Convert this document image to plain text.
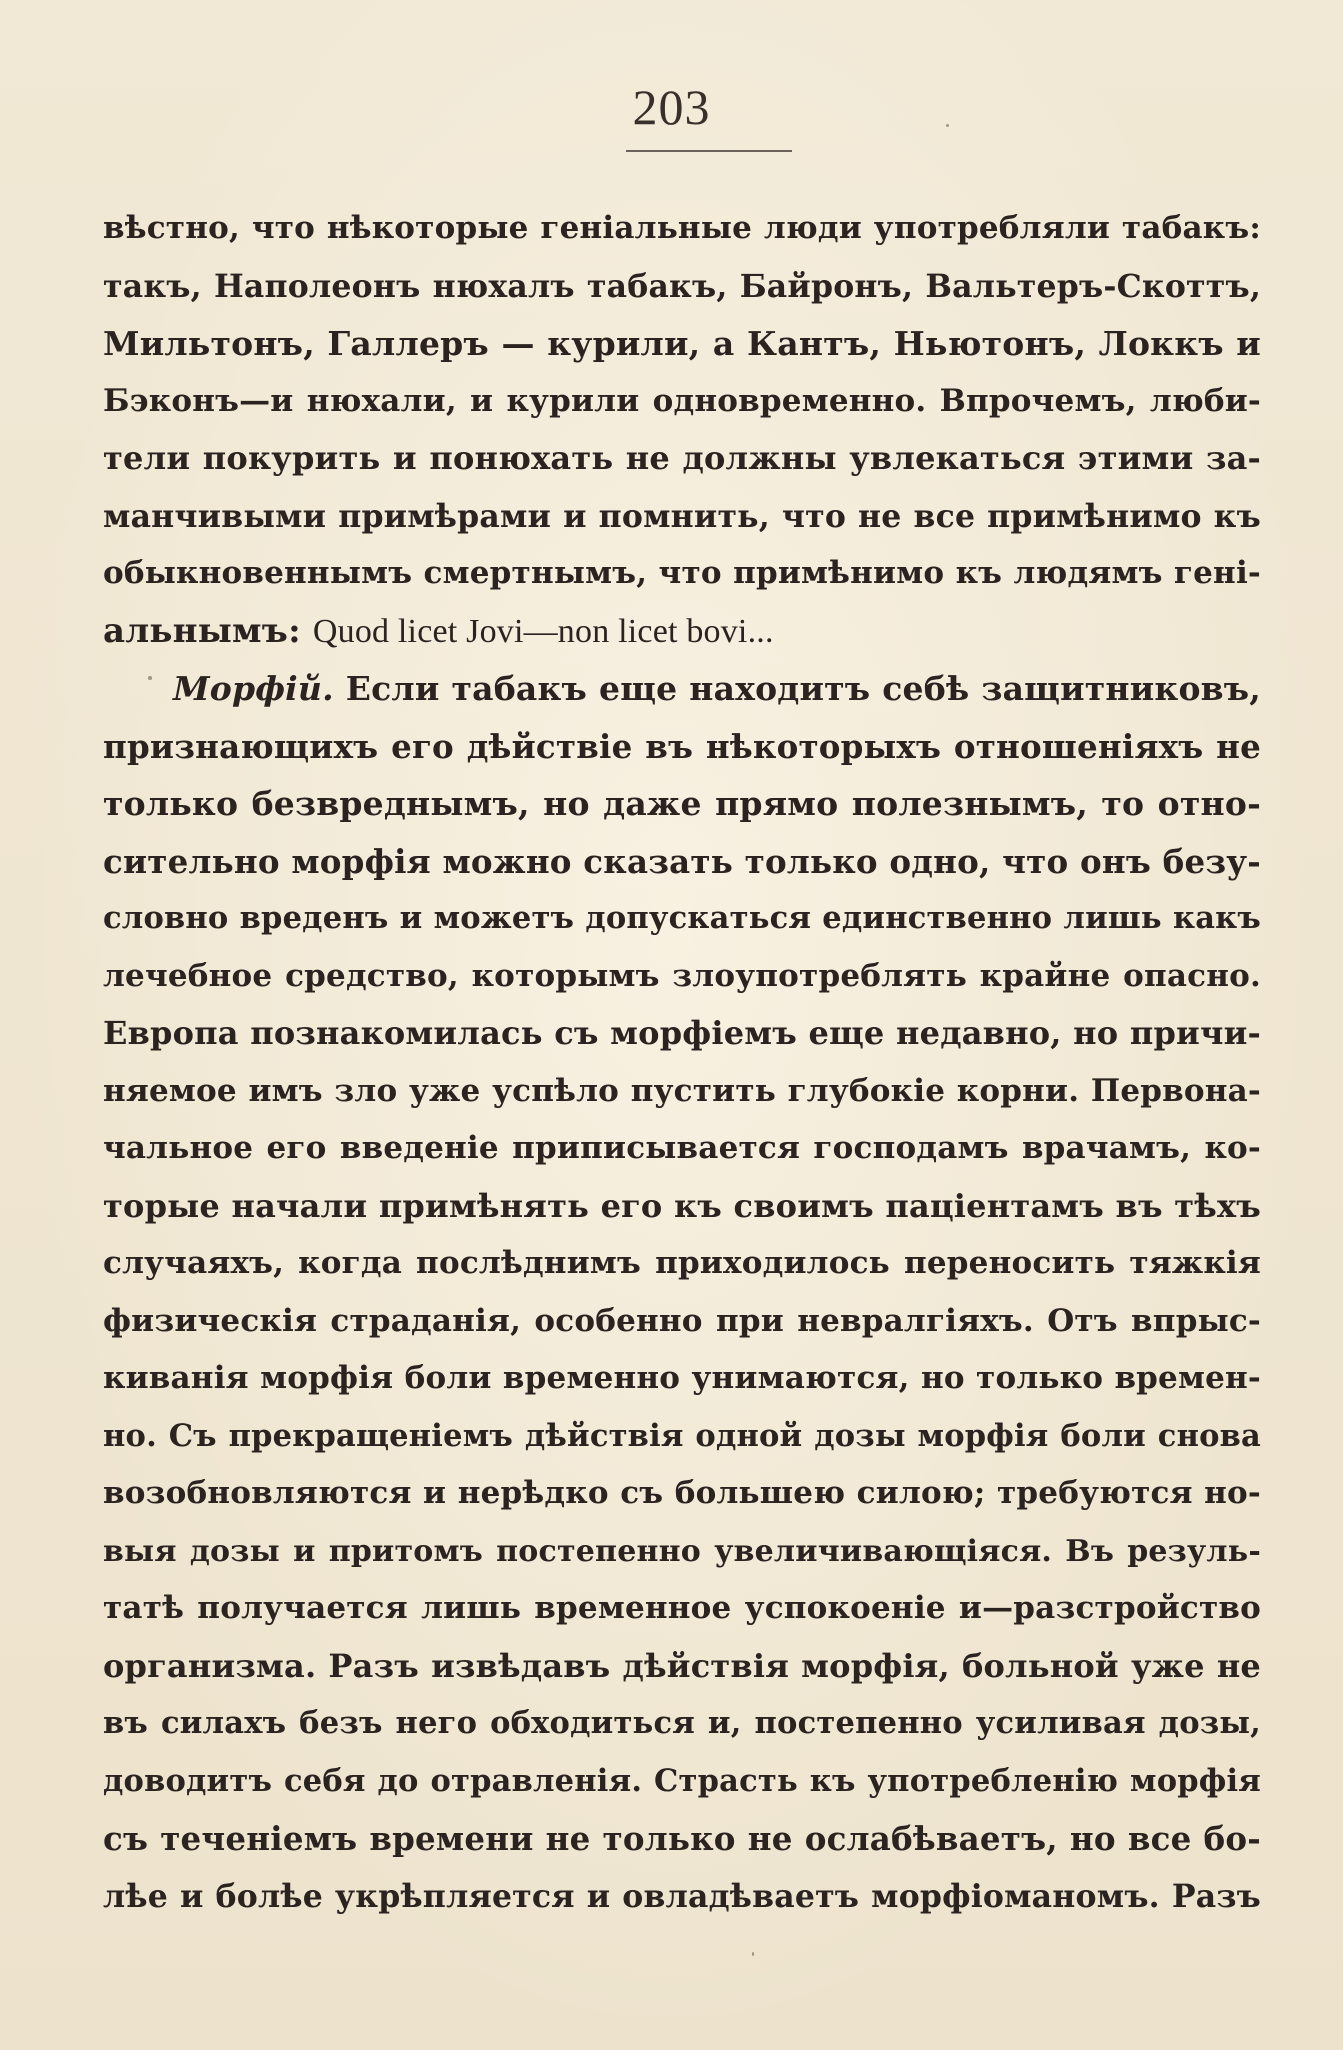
203
вѣстно, что нѣкоторые геніальные люди употребляли табакъ:
такъ, Наполеонъ нюхалъ табакъ, Байронъ, Вальтеръ-Скоттъ,
Мильтонъ, Галлеръ — курили, а Кантъ, Ньютонъ, Локкъ и
Бэконъ—и нюхали, и курили одновременно. Впрочемъ, люби-
тели покурить и понюхать не должны увлекаться этими за-
манчивыми примѣрами и помнить, что не все примѣнимо къ
обыкновеннымъ смертнымъ, что примѣнимо къ людямъ гені-
альнымъ: Quod licet Jovi—non licet bovi...
Морфій. Если табакъ еще находитъ себѣ защитниковъ,
признающихъ его дѣйствіе въ нѣкоторыхъ отношеніяхъ не
только безвреднымъ, но даже прямо полезнымъ, то отно-
сительно морфія можно сказать только одно, что онъ безу-
словно вреденъ и можетъ допускаться единственно лишь какъ
лечебное средство, которымъ злоупотреблять крайне опасно.
Европа познакомилась съ морфіемъ еще недавно, но причи-
няемое имъ зло уже успѣло пустить глубокіе корни. Первона-
чальное его введеніе приписывается господамъ врачамъ, ко-
торые начали примѣнять его къ своимъ паціентамъ въ тѣхъ
случаяхъ, когда послѣднимъ приходилось переносить тяжкія
физическія страданія, особенно при невралгіяхъ. Отъ впрыс-
киванія морфія боли временно унимаются, но только времен-
но. Съ прекращеніемъ дѣйствія одной дозы морфія боли снова
возобновляются и нерѣдко съ большею силою; требуются но-
выя дозы и притомъ постепенно увеличивающіяся. Въ резуль-
татѣ получается лишь временное успокоеніе и—разстройство
организма. Разъ извѣдавъ дѣйствія морфія, больной уже не
въ силахъ безъ него обходиться и, постепенно усиливая дозы,
доводитъ себя до отравленія. Страсть къ употребленію морфія
съ теченіемъ времени не только не ослабѣваетъ, но все бо-
лѣе и болѣе укрѣпляется и овладѣваетъ морфіоманомъ. Разъ
